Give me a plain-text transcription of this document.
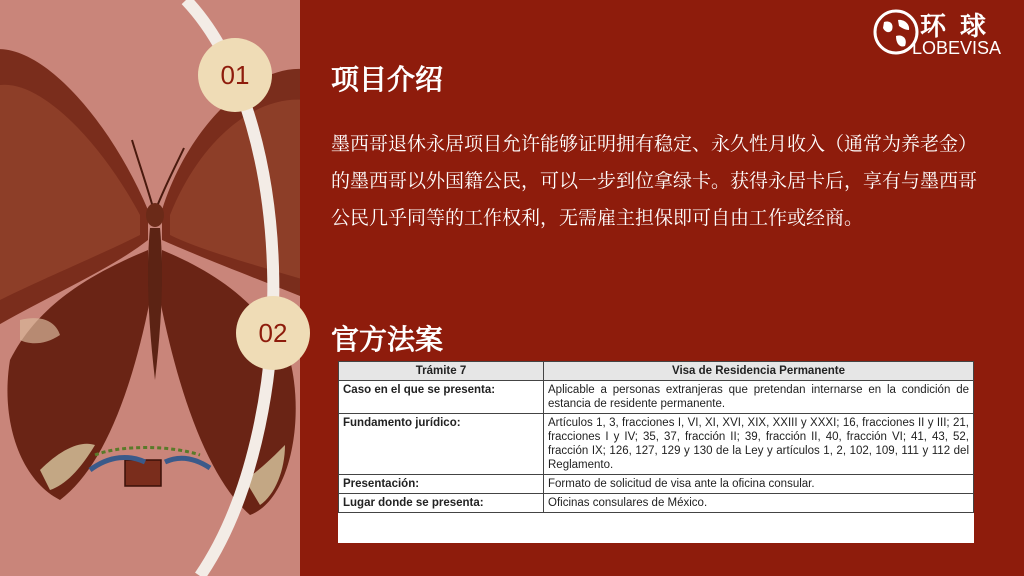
环球
LOBEVISA
01	项目介绍
墨西哥退休永居项目允许能够证明拥有稳定、永久性月收入（通常为养老金）的墨西哥以外国籍公民，可以一步到位拿绿卡。获得永居卡后，享有与墨西哥公民几乎同等的工作权利，无需雇主担保即可自由工作或经商。
02	官方法案
Trámite 7	Visa de Residencia Permanente
Caso en el que se presenta:	Aplicable a personas extranjeras que pretendan internarse en la condición de estancia de residente permanente.
Fundamento jurídico:	Artículos 1, 3, fracciones I, VI, XI, XVI, XIX, XXIII y XXXI; 16, fracciones II y III; 21, fracciones I y IV; 35, 37, fracción II; 39, fracción II, 40, fracción VI; 41, 43, 52, fracción IX; 126, 127, 129 y 130 de la Ley y artículos 1, 2, 102, 109, 111 y 112 del Reglamento.
Presentación:	Formato de solicitud de visa ante la oficina consular.
Lugar donde se presenta:	Oficinas consulares de México.
